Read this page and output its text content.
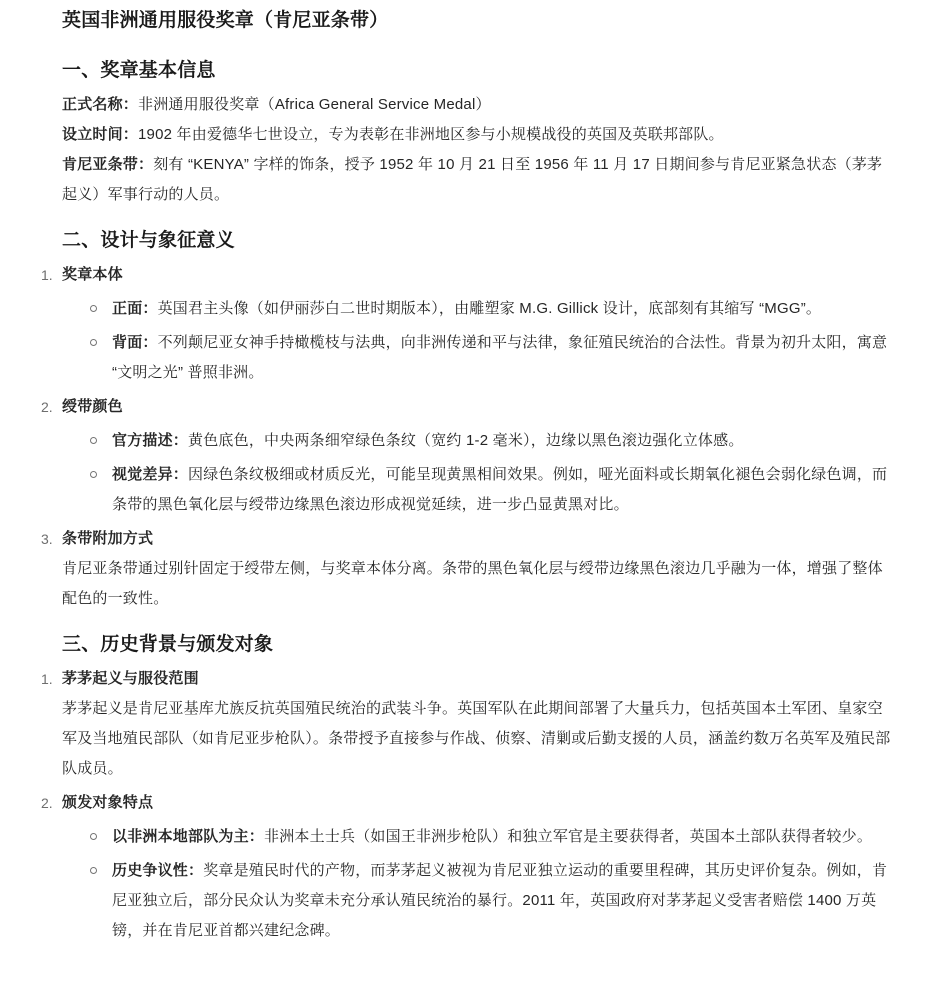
英国非洲通用服役奖章（肯尼亚条带）
一、奖章基本信息
正式名称：非洲通用服役奖章（Africa General Service Medal）
设立时间：1902 年由爱德华七世设立，专为表彰在非洲地区参与小规模战役的英国及英联邦部队。
肯尼亚条带：刻有 “KENYA” 字样的饰条，授予 1952 年 10 月 21 日至 1956 年 11 月 17 日期间参与肯尼亚紧急状态（茅茅起义）军事行动的人员。
二、设计与象征意义
1. 奖章本体
正面：英国君主头像（如伊丽莎白二世时期版本），由雕塑家 M.G. Gillick 设计，底部刻有其缩写 “MGG”。
背面：不列颠尼亚女神手持橄榄枝与法典，向非洲传递和平与法律，象征殖民统治的合法性。背景为初升太阳，寓意 “文明之光” 普照非洲。
2. 绶带颜色
官方描述：黄色底色，中央两条细窄绿色条纹（宽约 1-2 毫米），边缘以黑色滚边强化立体感。
视觉差异：因绿色条纹极细或材质反光，可能呈现黄黑相间效果。例如，哑光面料或长期氧化褪色会弱化绿色调，而条带的黑色氧化层与绶带边缘黑色滚边形成视觉延续，进一步凸显黄黑对比。
3. 条带附加方式

肯尼亚条带通过别针固定于绶带左侧，与奖章本体分离。条带的黑色氧化层与绶带边缘黑色滚边几乎融为一体，增强了整体配色的一致性。

三、历史背景与颁发对象
1. 茅茅起义与服役范围

茅茅起义是肯尼亚基库尤族反抗英国殖民统治的武装斗争。英国军队在此期间部署了大量兵力，包括英国本土军团、皇家空军及当地殖民部队（如肯尼亚步枪队）。条带授予直接参与作战、侦察、清剿或后勤支援的人员，涵盖约数万名英军及殖民部队成员。

2. 颁发对象特点
以非洲本地部队为主：非洲本土士兵（如国王非洲步枪队）和独立军官是主要获得者，英国本土部队获得者较少。
历史争议性：奖章是殖民时代的产物，而茅茅起义被视为肯尼亚独立运动的重要里程碑，其历史评价复杂。例如，肯尼亚独立后，部分民众认为奖章未充分承认殖民统治的暴行。2011 年，英国政府对茅茅起义受害者赔偿 1400 万英镑，并在肯尼亚首都兴建纪念碑。
